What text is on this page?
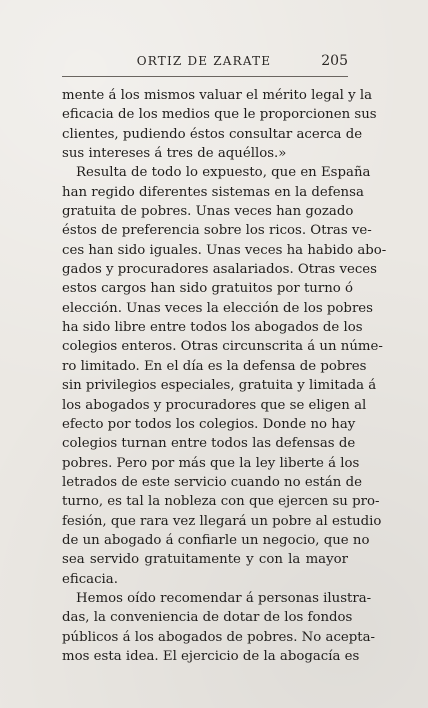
ORTIZ DE ZARATE	205
mente á los mismos valuar el mérito legal y la
eficacia de los medios que le proporcionen sus
clientes, pudiendo éstos consultar acerca de
sus intereses á tres de aquéllos.»
Resulta de todo lo expuesto, que en España
han regido diferentes sistemas en la defensa
gratuita de pobres. Unas veces han gozado
éstos de preferencia sobre los ricos. Otras ve-
ces han sido iguales. Unas veces ha habido abo-
gados y procuradores asalariados. Otras veces
estos cargos han sido gratuitos por turno ó
elección. Unas veces la elección de los pobres
ha sido libre entre todos los abogados de los
colegios enteros. Otras circunscrita á un núme-
ro limitado. En el día es la defensa de pobres
sin privilegios especiales, gratuita y limitada á
los abogados y procuradores que se eligen al
efecto por todos los colegios. Donde no hay
colegios turnan entre todos las defensas de
pobres. Pero por más que la ley liberte á los
letrados de este servicio cuando no están de
turno, es tal la nobleza con que ejercen su pro-
fesión, que rara vez llegará un pobre al estudio
de un abogado á confiarle un negocio, que no
sea servido gratuitamente y con la mayor
eficacia.
Hemos oído recomendar á personas ilustra-
das, la conveniencia de dotar de los fondos
públicos á los abogados de pobres. No acepta-
mos esta idea. El ejercicio de la abogacía es
